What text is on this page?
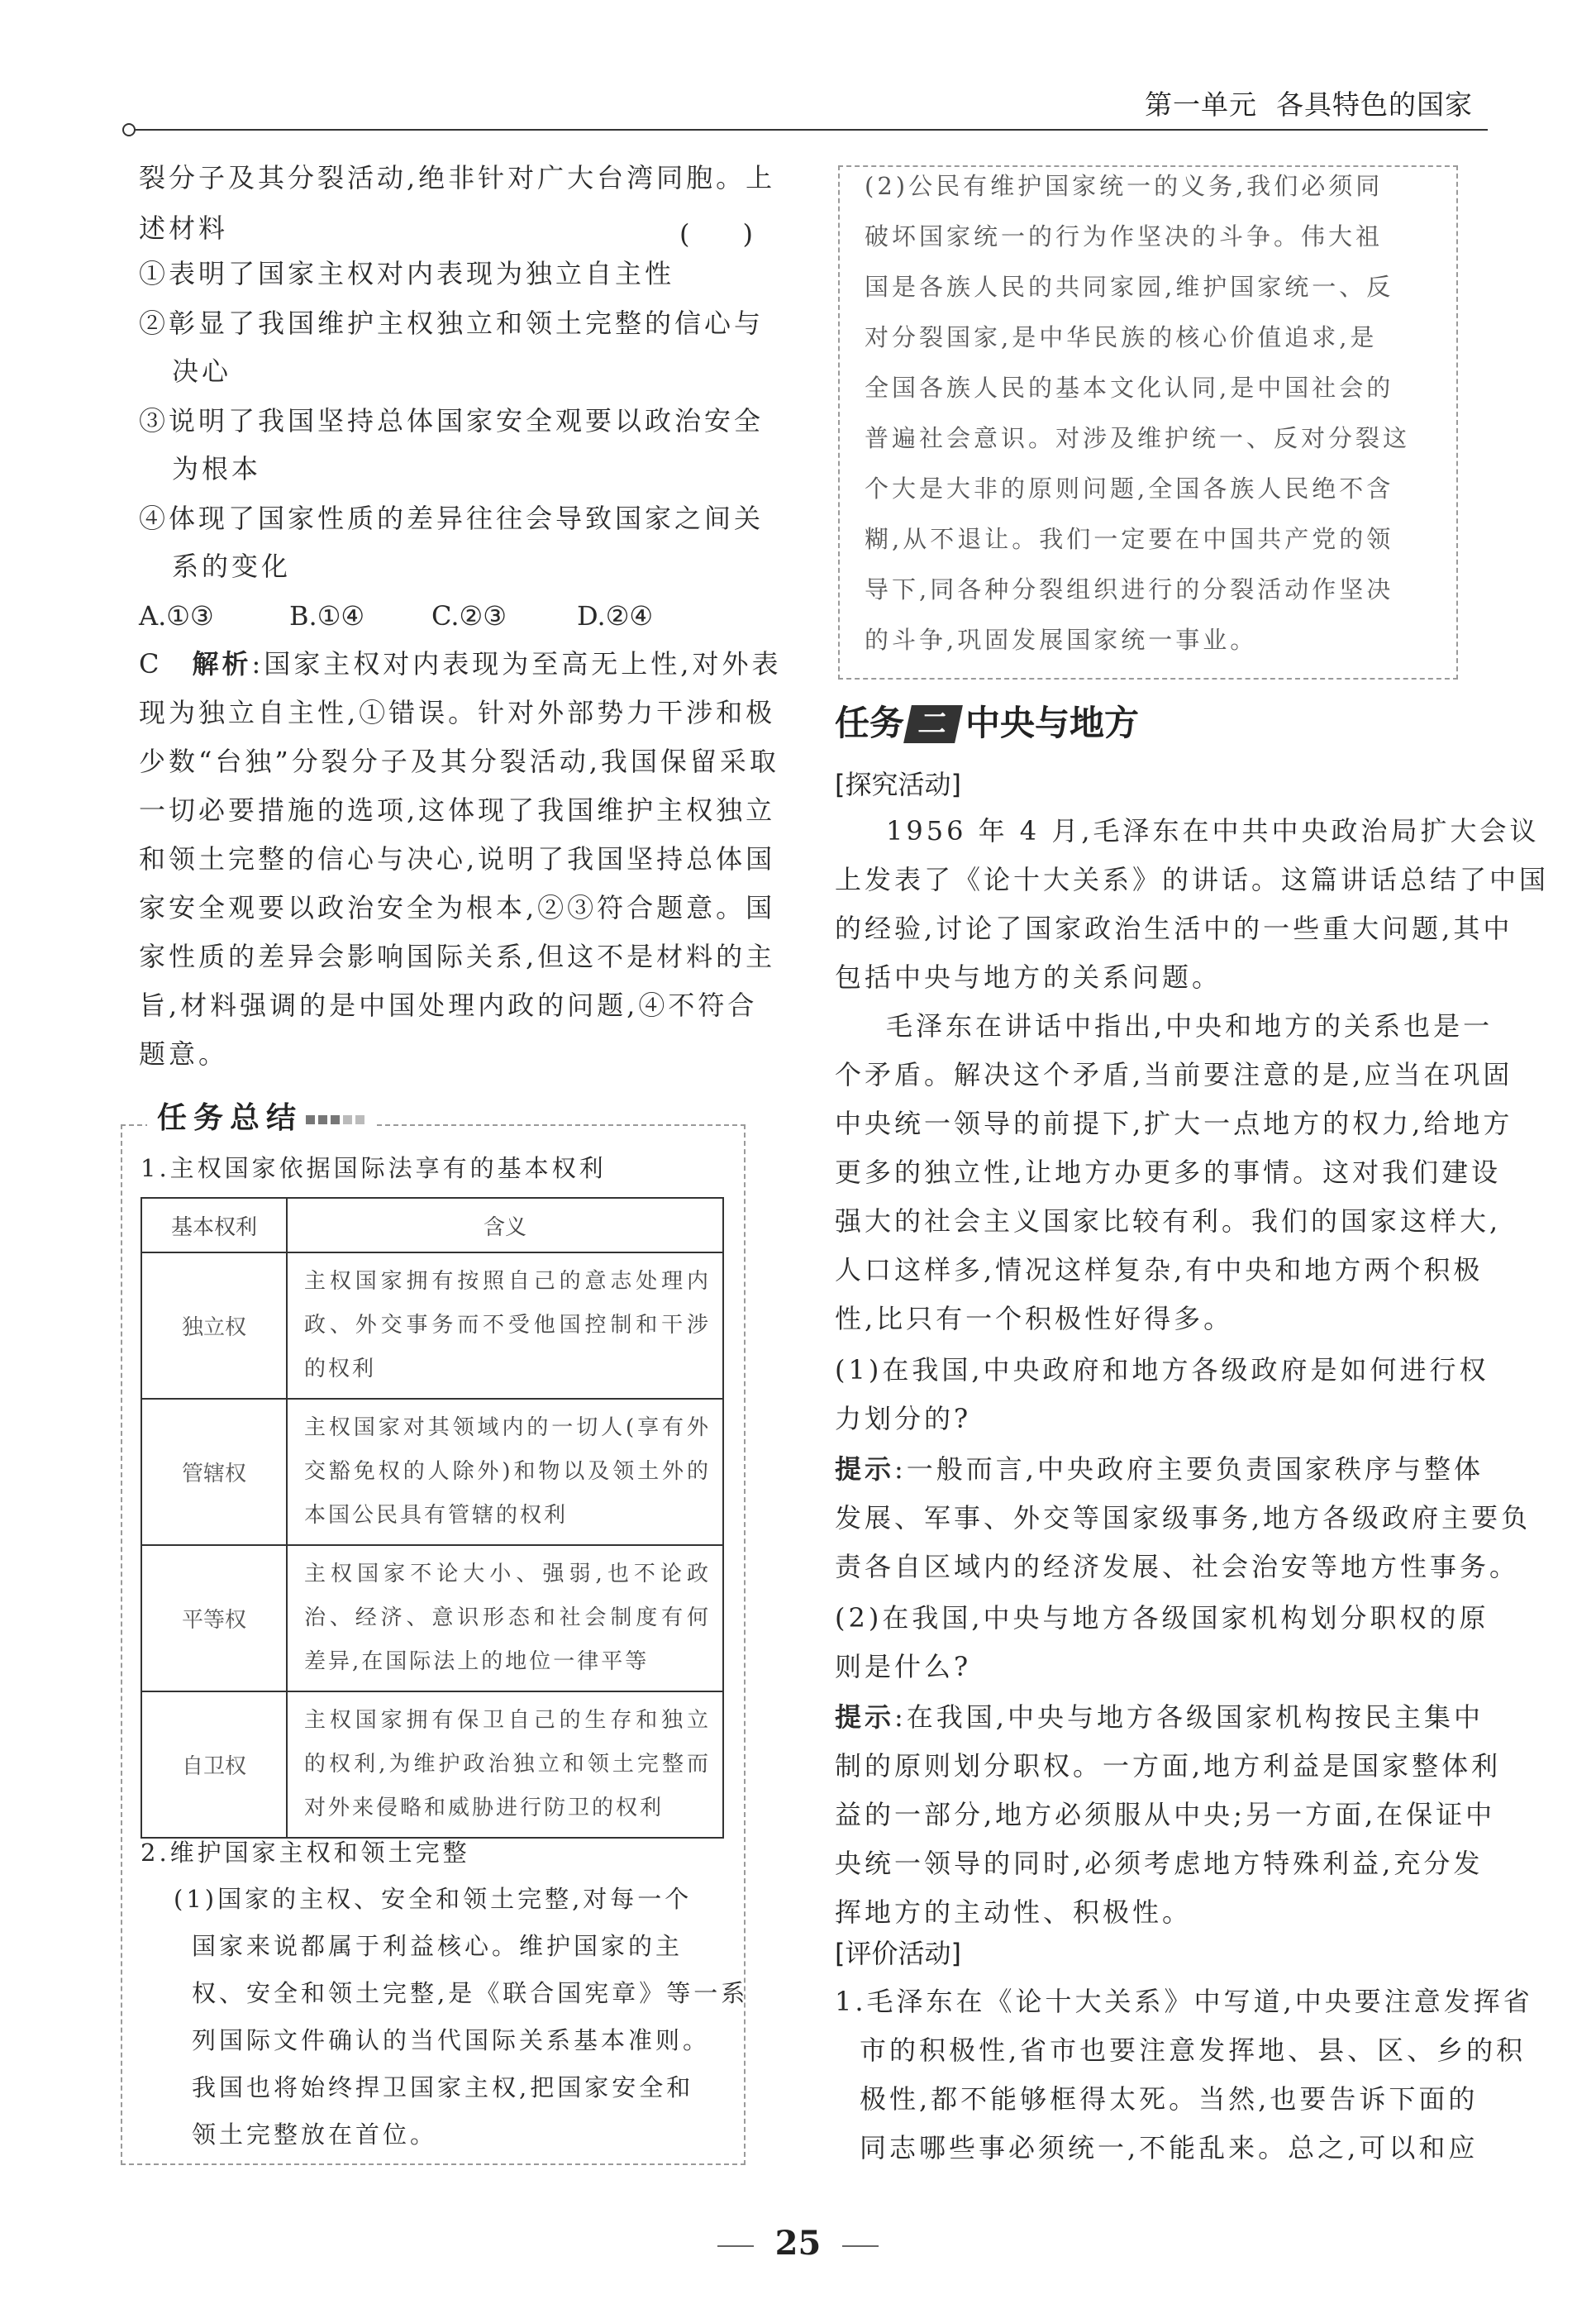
第一单元 各具特色的国家
裂分子及其分裂活动,绝非针对广大台湾同胞。上
述材料	(　　)
①表明了国家主权对内表现为独立自主性
②彰显了我国维护主权独立和领土完整的信心与
决心
③说明了我国坚持总体国家安全观要以政治安全
为根本
④体现了国家性质的差异往往会导致国家之间关
系的变化
A.①③	B.①④	C.②③	D.②④
C　 解析:国家主权对内表现为至高无上性,对外表
现为独立自主性,①错误。针对外部势力干涉和极
少数“台独”分裂分子及其分裂活动,我国保留采取
一切必要措施的选项,这体现了我国维护主权独立
和领土完整的信心与决心,说明了我国坚持总体国
家安全观要以政治安全为根本,②③符合题意。国
家性质的差异会影响国际关系,但这不是材料的主
旨,材料强调的是中国处理内政的问题,④不符合
题意。
任务总结
1.主权国家依据国际法享有的基本权利
基本权利	含义
独立权	主权国家拥有按照自己的意志处理内政、外交事务而不受他国控制和干涉的权利
管辖权	主权国家对其领域内的一切人(享有外交豁免权的人除外)和物以及领土外的本国公民具有管辖的权利
平等权	主权国家不论大小、强弱,也不论政治、经济、意识形态和社会制度有何差异,在国际法上的地位一律平等
自卫权	主权国家拥有保卫自己的生存和独立的权利,为维护政治独立和领土完整而对外来侵略和威胁进行防卫的权利
2.维护国家主权和领土完整
(1)国家的主权、安全和领土完整,对每一个
国家来说都属于利益核心。维护国家的主
权、安全和领土完整,是《联合国宪章》等一系
列国际文件确认的当代国际关系基本准则。
我国也将始终捍卫国家主权,把国家安全和
领土完整放在首位。
(2)公民有维护国家统一的义务,我们必须同
破坏国家统一的行为作坚决的斗争。伟大祖
国是各族人民的共同家园,维护国家统一、反
对分裂国家,是中华民族的核心价值追求,是
全国各族人民的基本文化认同,是中国社会的
普遍社会意识。对涉及维护统一、反对分裂这
个大是大非的原则问题,全国各族人民绝不含
糊,从不退让。我们一定要在中国共产党的领
导下,同各种分裂组织进行的分裂活动作坚决
的斗争,巩固发展国家统一事业。
任务 二 中央与地方
[探究活动]
1956 年 4 月,毛泽东在中共中央政治局扩大会议
上发表了《论十大关系》的讲话。这篇讲话总结了中国
的经验,讨论了国家政治生活中的一些重大问题,其中
包括中央与地方的关系问题。
毛泽东在讲话中指出,中央和地方的关系也是一
个矛盾。解决这个矛盾,当前要注意的是,应当在巩固
中央统一领导的前提下,扩大一点地方的权力,给地方
更多的独立性,让地方办更多的事情。这对我们建设
强大的社会主义国家比较有利。我们的国家这样大,
人口这样多,情况这样复杂,有中央和地方两个积极
性,比只有一个积极性好得多。
(1)在我国,中央政府和地方各级政府是如何进行权
力划分的?
提示:一般而言,中央政府主要负责国家秩序与整体
发展、军事、外交等国家级事务,地方各级政府主要负
责各自区域内的经济发展、社会治安等地方性事务。
(2)在我国,中央与地方各级国家机构划分职权的原
则是什么?
提示:在我国,中央与地方各级国家机构按民主集中
制的原则划分职权。一方面,地方利益是国家整体利
益的一部分,地方必须服从中央;另一方面,在保证中
央统一领导的同时,必须考虑地方特殊利益,充分发
挥地方的主动性、积极性。
[评价活动]
1.毛泽东在《论十大关系》中写道,中央要注意发挥省
市的积极性,省市也要注意发挥地、县、区、乡的积
极性,都不能够框得太死。当然,也要告诉下面的
同志哪些事必须统一,不能乱来。总之,可以和应
25
